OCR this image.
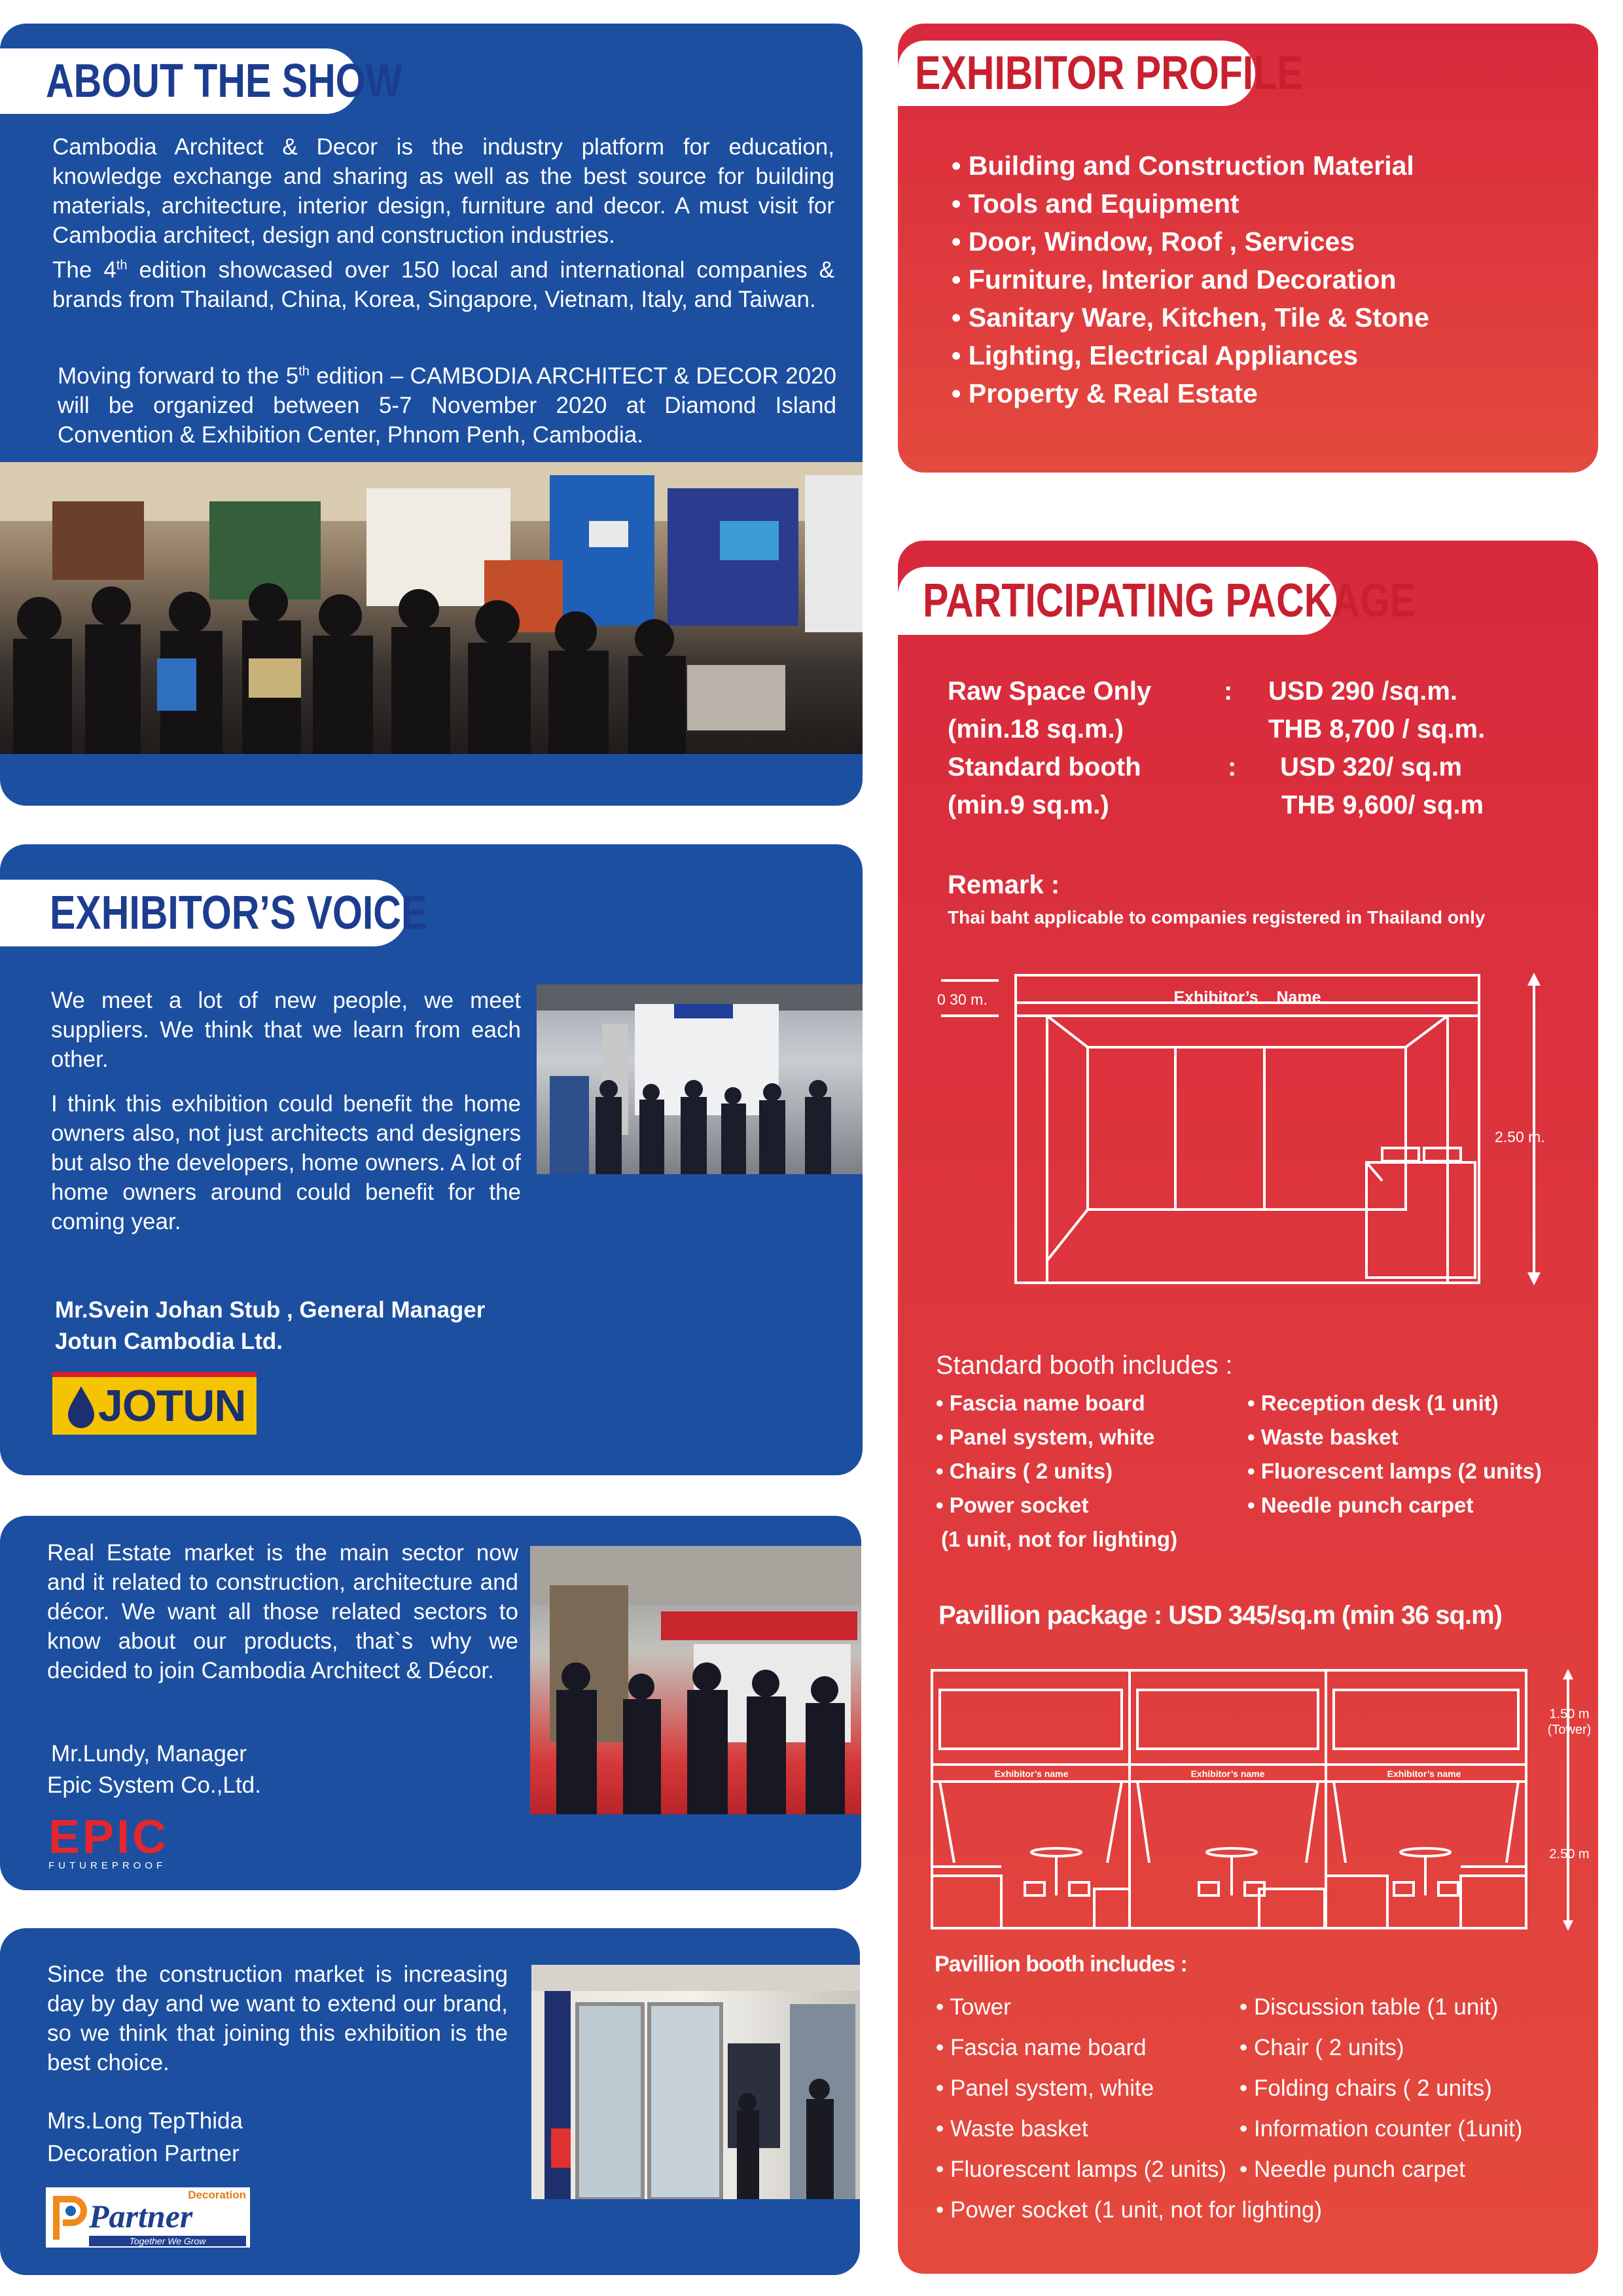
ABOUT THE SHOW
Cambodia Architect & Decor is the industry platform for education, knowledge exchange and sharing as well as the best source for building materials, architecture, interior design, furniture and decor. A must visit for Cambodia architect, design and construction industries.
The 4th edition showcased over 150 local and international companies & brands from Thailand, China, Korea, Singapore, Vietnam, Italy, and Taiwan.
Moving forward to the 5th edition – CAMBODIA ARCHITECT & DECOR 2020 will be organized between 5-7 November 2020 at Diamond Island Convention & Exhibition Center, Phnom Penh, Cambodia.
EXHIBITOR’S VOICE
We meet a lot of new people, we meet suppliers. We think that we learn from each other.
I think this exhibition could benefit the home owners also, not just architects and designers but also the developers, home owners. A lot of home owners around could benefit for the coming year.
Mr.Svein Johan Stub , General Manager
Jotun Cambodia Ltd.
JOTUN
Real Estate market is the main sector now and it related to construction, architecture and décor. We want all those related sectors to know about our products, that`s why we decided to join Cambodia Architect & Décor.
Mr.Lundy, Manager
Epic System Co.,Ltd.
EPIC
FUTUREPROOF
Since the construction market is increasing day by day and we want to extend our brand, so we think that joining this exhibition is the best choice.
Mrs.Long TepThida
Decoration Partner
Decoration
Partner
Together We Grow
EXHIBITOR PROFILE
• Building and Construction Material
• Tools and Equipment
• Door, Window, Roof , Services
• Furniture, Interior and Decoration
• Sanitary Ware, Kitchen, Tile & Stone
• Lighting, Electrical Appliances
• Property & Real Estate
PARTICIPATING PACKAGE
Raw Space Only	: USD 290 /sq.m.
(min.18 sq.m.)	THB 8,700 / sq.m.
Standard booth	: USD 320/ sq.m
(min.9 sq.m.)	THB 9,600/ sq.m
Remark :
Thai baht applicable to companies registered in Thailand only
0 30 m.	Exhibitor’s    Name
2.50 m.
Standard booth includes :
• Fascia name board
• Panel system, white
• Chairs ( 2 units)
• Power socket
(1 unit, not for lighting)
• Reception desk (1 unit)
• Waste basket
• Fluorescent lamps (2 units)
• Needle punch carpet
Pavillion package : USD 345/sq.m (min 36 sq.m)
Exhibitor’s name	Exhibitor’s name	Exhibitor’s name
1.50 m
(Tower)
2.50 m
Pavillion booth includes :
• Tower
• Fascia name board
• Panel system, white
• Waste basket
• Fluorescent lamps (2 units)
• Power socket (1 unit, not for lighting)
• Discussion table (1 unit)
• Chair ( 2 units)
• Folding chairs ( 2 units)
• Information counter (1unit)
• Needle punch carpet
